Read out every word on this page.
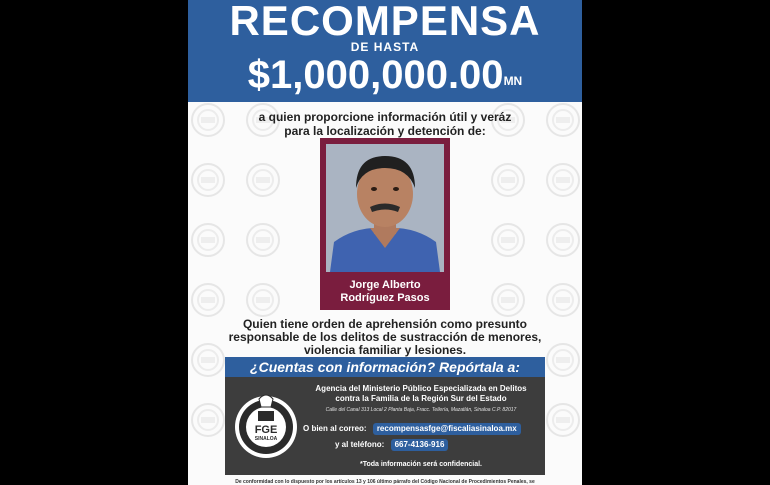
RECOMPENSA
DE HASTA
$\$1,000,000.00^{MN}$
a quien proporcione información útil y veráz
para la localización y detención de:
Jorge Alberto
Rodríguez Pasos
Quien tiene orden de aprehensión como presunto
responsable de los delitos de sustracción de menores,
violencia familiar y lesiones.
¿Cuentas con información? Repórtala a:
FGE
SINALOA
Agencia del Ministerio Público Especializada en Delitos
contra la Familia de la Región Sur del Estado
Calle del Canal 313 Local 2 Planta Baja, Fracc. Tellería, Mazatlán, Sinaloa C.P. 82017
O bien al correo: recompensasfge@fiscaliasinaloa.mx
y al teléfono: 667-4136-916
*Toda información será confidencial.
De conformidad con lo dispuesto por los artículos 13 y 106 último párrafo del Código Nacional de Procedimientos Penales, se
